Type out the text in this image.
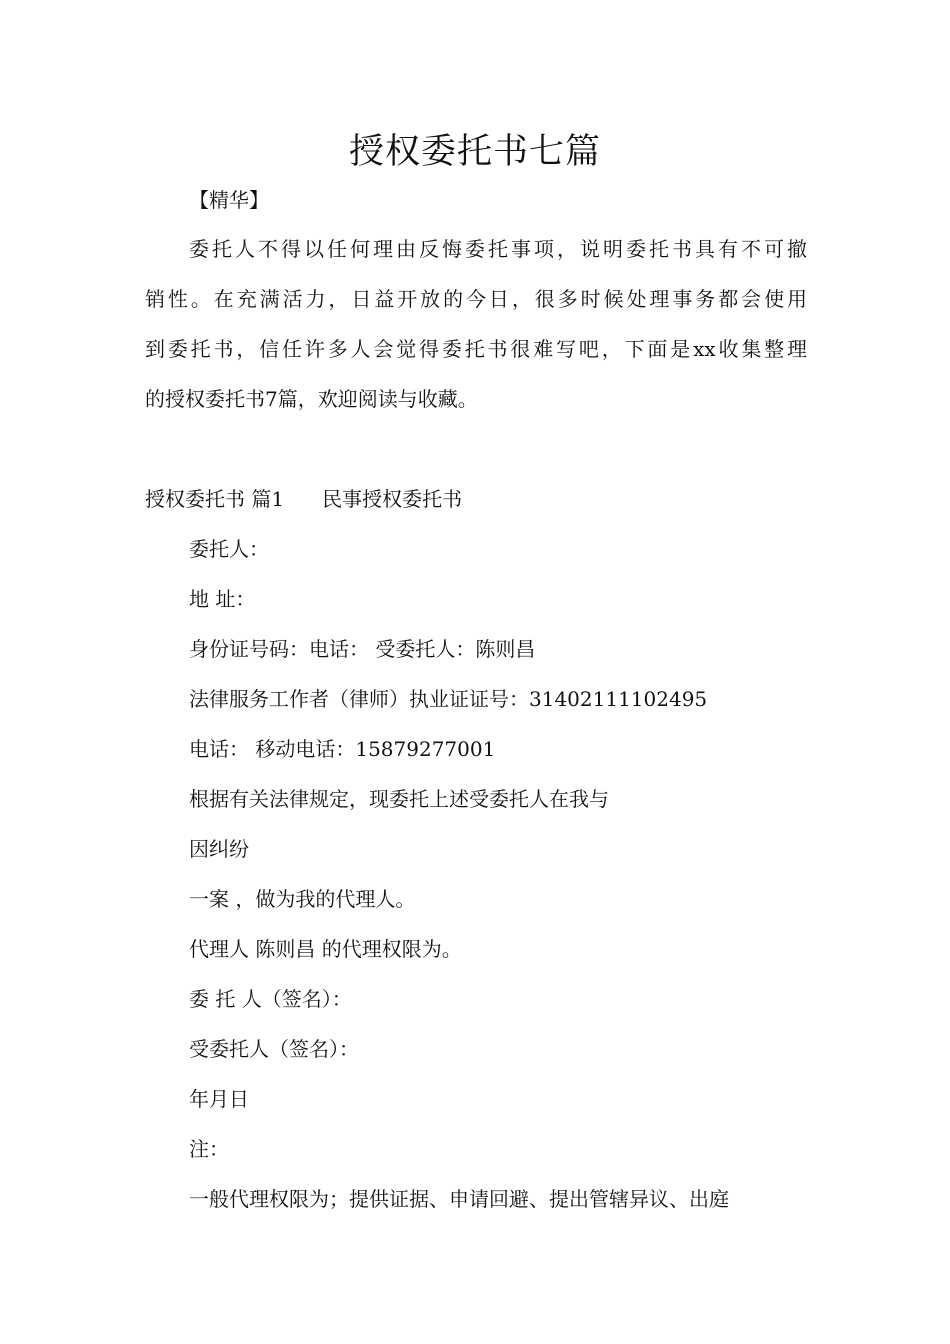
授权委托书七篇

【精华】

委托人不得以任何理由反悔委托事项，说明委托书具有不可撤

销性。在充满活力，日益开放的今日，很多时候处理事务都会使用

到委托书，信任许多人会觉得委托书很难写吧，下面是xx收集整理

的授权委托书7篇，欢迎阅读与收藏。

授权委托书 篇1 民事授权委托书

委托人：

地 址：

身份证号码：电话： 受委托人：陈则昌

法律服务工作者（律师）执业证证号：31402111102495

电话： 移动电话：15879277001

根据有关法律规定，现委托上述受委托人在我与

因纠纷

一案 ，做为我的代理人。

代理人 陈则昌 的代理权限为。

委 托 人（签名）：

受委托人（签名）：

年月日

注：

一般代理权限为；提供证据、申请回避、提出管辖异议、出庭
